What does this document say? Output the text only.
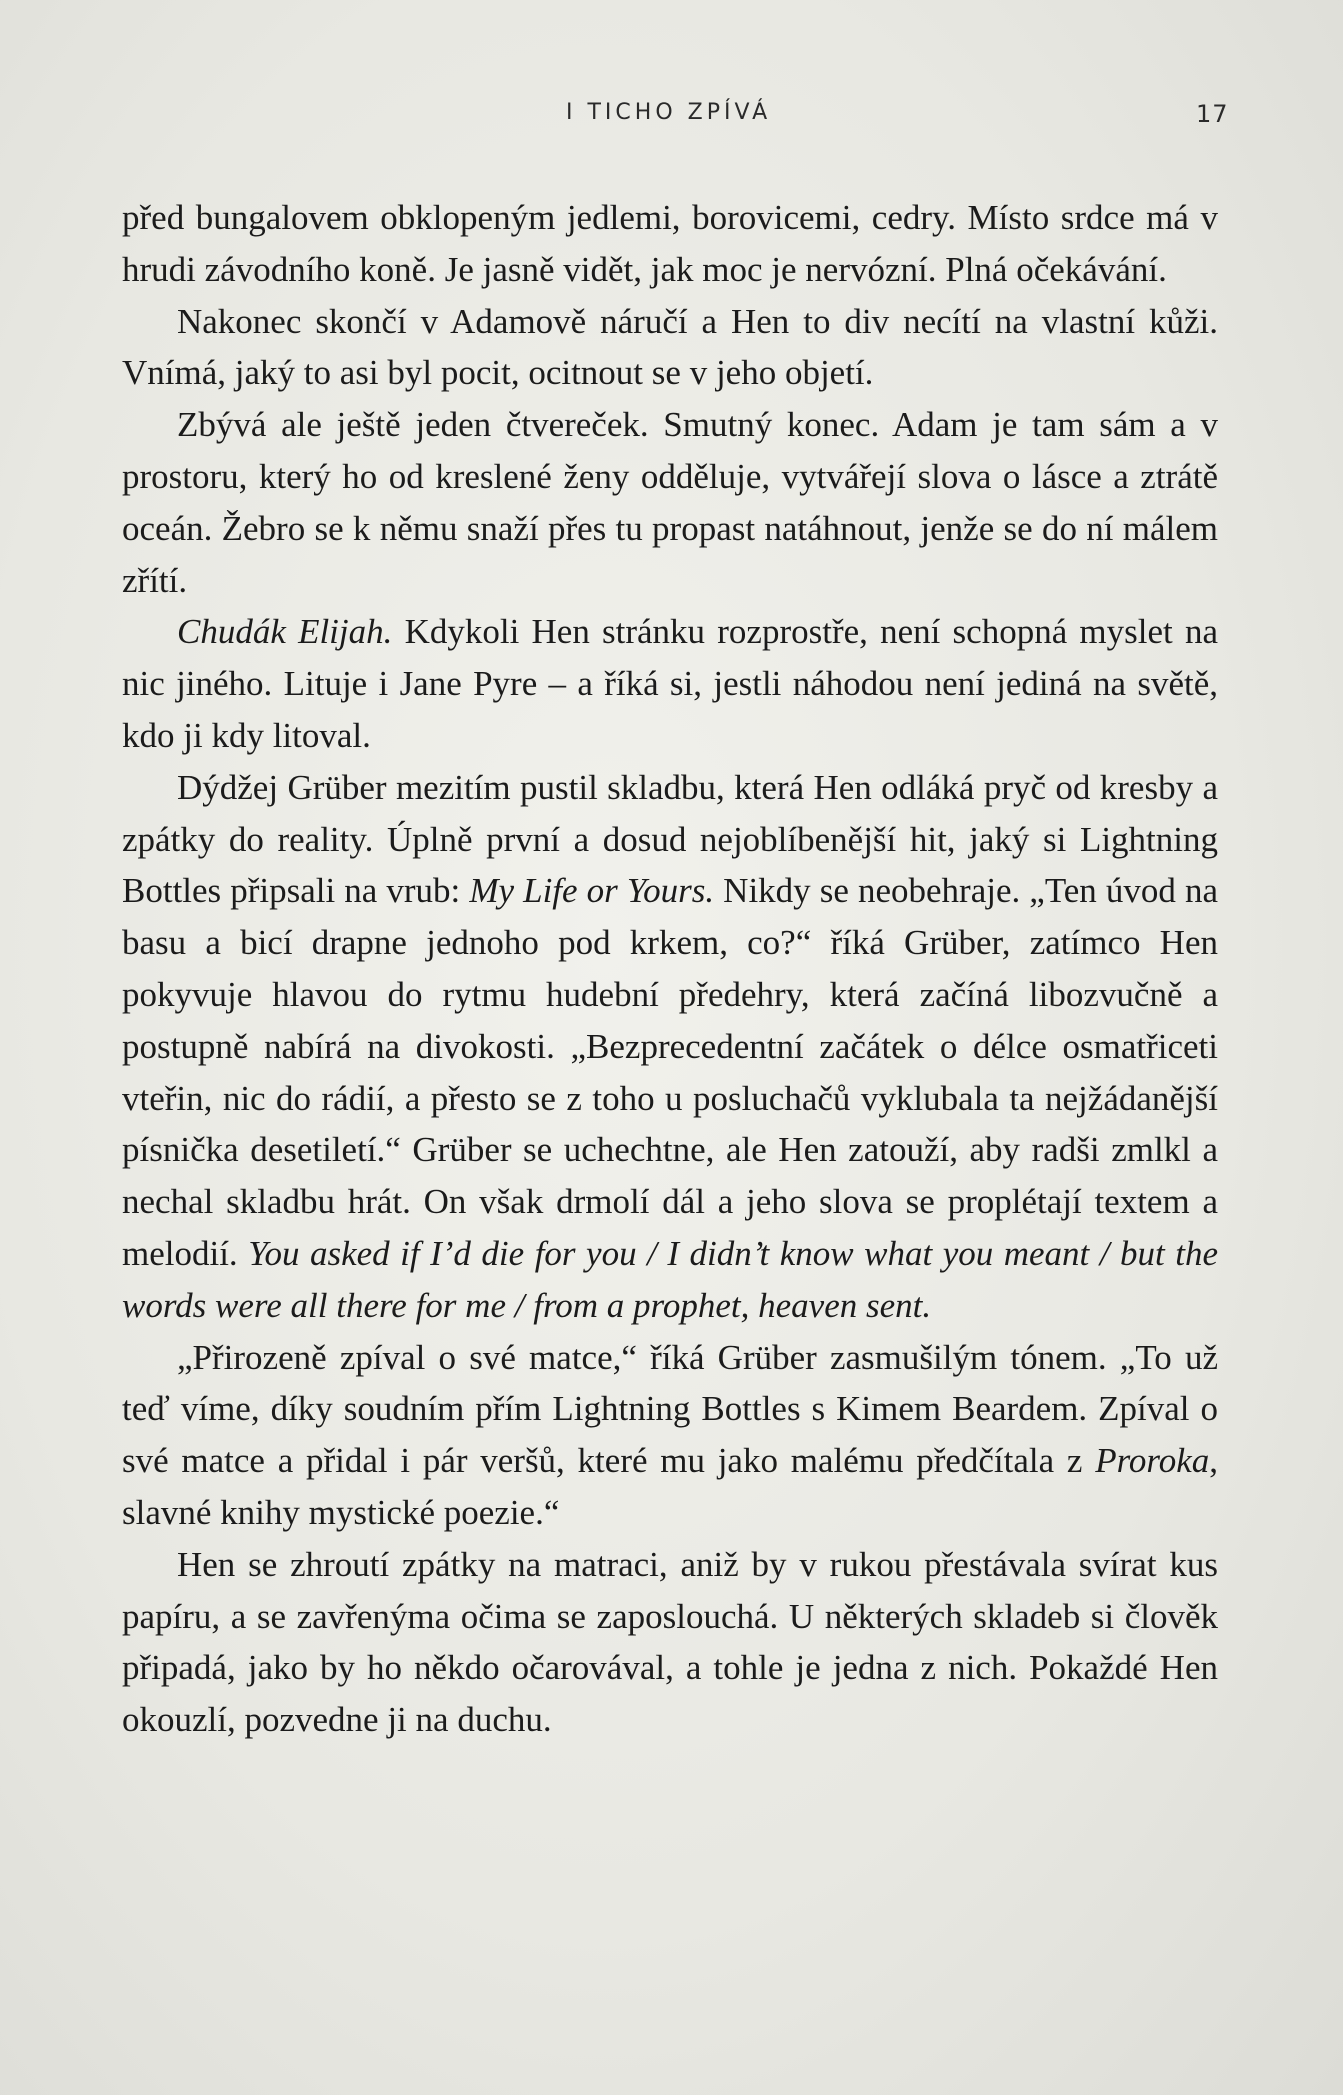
I TICHO ZPÍVÁ	17

před bungalovem obklopeným jedlemi, borovicemi, cedry. Místo srdce má v hrudi závodního koně. Je jasně vidět, jak moc je nervózní. Plná očekávání.

Nakonec skončí v Adamově náručí a Hen to div necítí na vlastní kůži. Vnímá, jaký to asi byl pocit, ocitnout se v jeho objetí.

Zbývá ale ještě jeden čtvereček. Smutný konec. Adam je tam sám a v prostoru, který ho od kreslené ženy odděluje, vytvářejí slova o lásce a ztrátě oceán. Žebro se k němu snaží přes tu propast natáhnout, jenže se do ní málem zřítí.

Chudák Elijah. Kdykoli Hen stránku rozprostře, není schopná myslet na nic jiného. Lituje i Jane Pyre – a říká si, jestli náhodou není jediná na světě, kdo ji kdy litoval.

Dýdžej Grüber mezitím pustil skladbu, která Hen odláká pryč od kresby a zpátky do reality. Úplně první a dosud nejoblíbenější hit, jaký si Lightning Bottles připsali na vrub: My Life or Yours. Nikdy se neobehraje. „Ten úvod na basu a bicí drapne jednoho pod krkem, co?“ říká Grüber, zatímco Hen pokyvuje hlavou do rytmu hudební předehry, která začíná libozvučně a postupně nabírá na divokosti. „Bezprecedentní začátek o délce osmatřiceti vteřin, nic do rádií, a přesto se z toho u posluchačů vyklubala ta nejžádanější písnička desetiletí.“ Grüber se uchechtne, ale Hen zatouží, aby radši zmlkl a nechal skladbu hrát. On však drmolí dál a jeho slova se proplétají textem a melodií. You asked if I’d die for you / I didn’t know what you meant / but the words were all there for me / from a prophet, heaven sent.

„Přirozeně zpíval o své matce,“ říká Grüber zasmušilým tónem. „To už teď víme, díky soudním přím Lightning Bottles s Kimem Beardem. Zpíval o své matce a přidal i pár veršů, které mu jako malému předčítala z Proroka, slavné knihy mystické poezie.“

Hen se zhroutí zpátky na matraci, aniž by v rukou přestávala svírat kus papíru, a se zavřenýma očima se zaposlouchá. U některých skladeb si člověk připadá, jako by ho někdo očarovával, a tohle je jedna z nich. Pokaždé Hen okouzlí, pozvedne ji na duchu.
